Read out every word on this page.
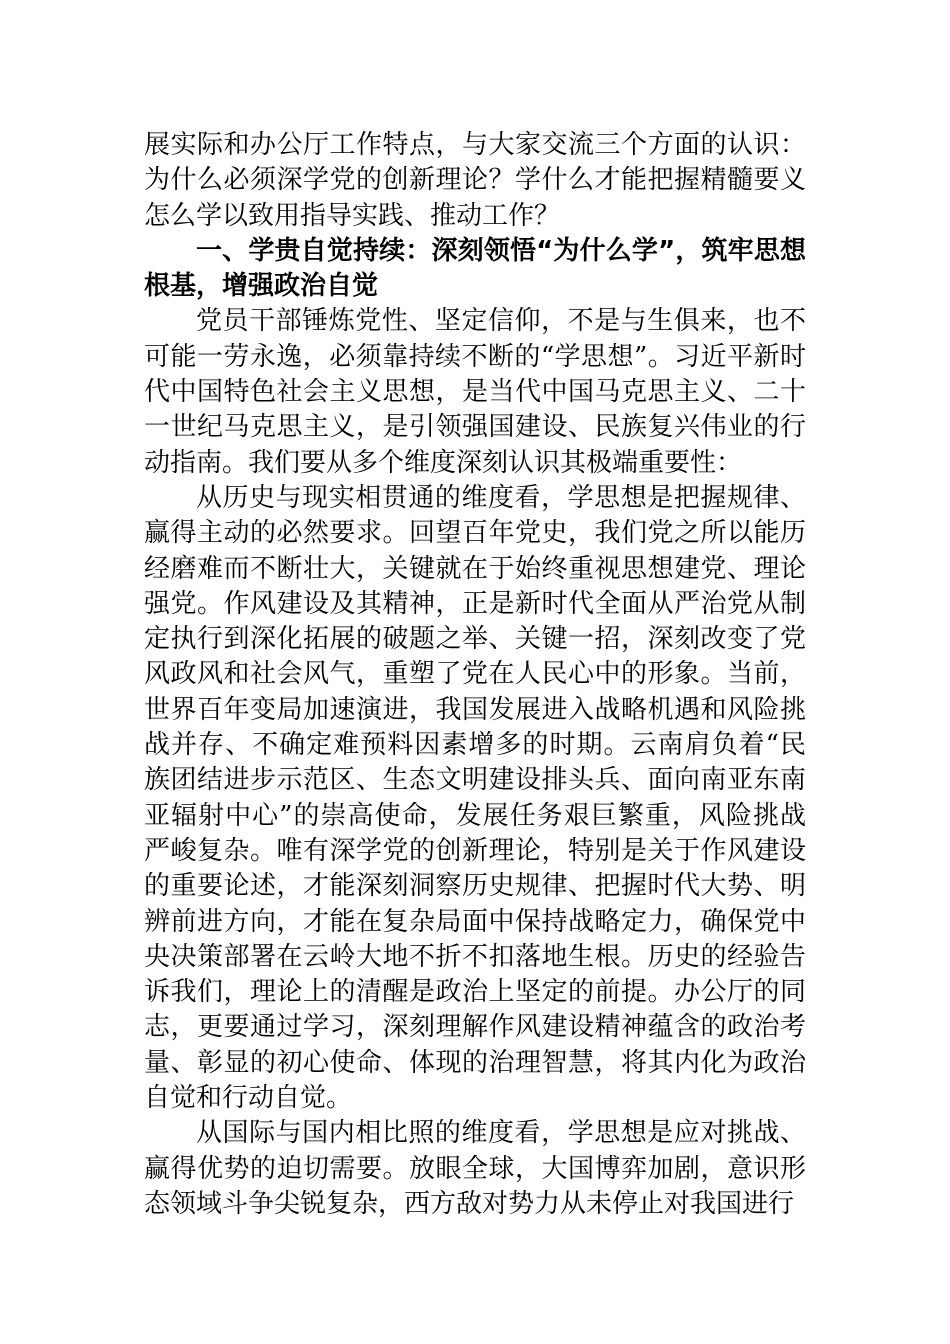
展实际和办公厅工作特点，与大家交流三个方面的认识：为什么必须深学党的创新理论？学什么才能把握精髓要义怎么学以致用指导实践、推动工作？

一、学贵自觉持续：深刻领悟“为什么学”，筑牢思想根基，增强政治自觉

党员干部锤炼党性、坚定信仰，不是与生俱来，也不可能一劳永逸，必须靠持续不断的“学思想”。习近平新时代中国特色社会主义思想，是当代中国马克思主义、二十一世纪马克思主义，是引领强国建设、民族复兴伟业的行动指南。我们要从多个维度深刻认识其极端重要性：

从历史与现实相贯通的维度看，学思想是把握规律、赢得主动的必然要求。回望百年党史，我们党之所以能历经磨难而不断壮大，关键就在于始终重视思想建党、理论强党。作风建设及其精神，正是新时代全面从严治党从制定执行到深化拓展的破题之举、关键一招，深刻改变了党风政风和社会风气，重塑了党在人民心中的形象。当前，世界百年变局加速演进，我国发展进入战略机遇和风险挑战并存、不确定难预料因素增多的时期。云南肩负着“民族团结进步示范区、生态文明建设排头兵、面向南亚东南亚辐射中心”的崇高使命，发展任务艰巨繁重，风险挑战严峻复杂。唯有深学党的创新理论，特别是关于作风建设的重要论述，才能深刻洞察历史规律、把握时代大势、明辨前进方向，才能在复杂局面中保持战略定力，确保党中央决策部署在云岭大地不折不扣落地生根。历史的经验告诉我们，理论上的清醒是政治上坚定的前提。办公厅的同志，更要通过学习，深刻理解作风建设精神蕴含的政治考量、彰显的初心使命、体现的治理智慧，将其内化为政治自觉和行动自觉。

从国际与国内相比照的维度看，学思想是应对挑战、赢得优势的迫切需要。放眼全球，大国博弈加剧，意识形态领域斗争尖锐复杂，西方敌对势力从未停止对我国进行
